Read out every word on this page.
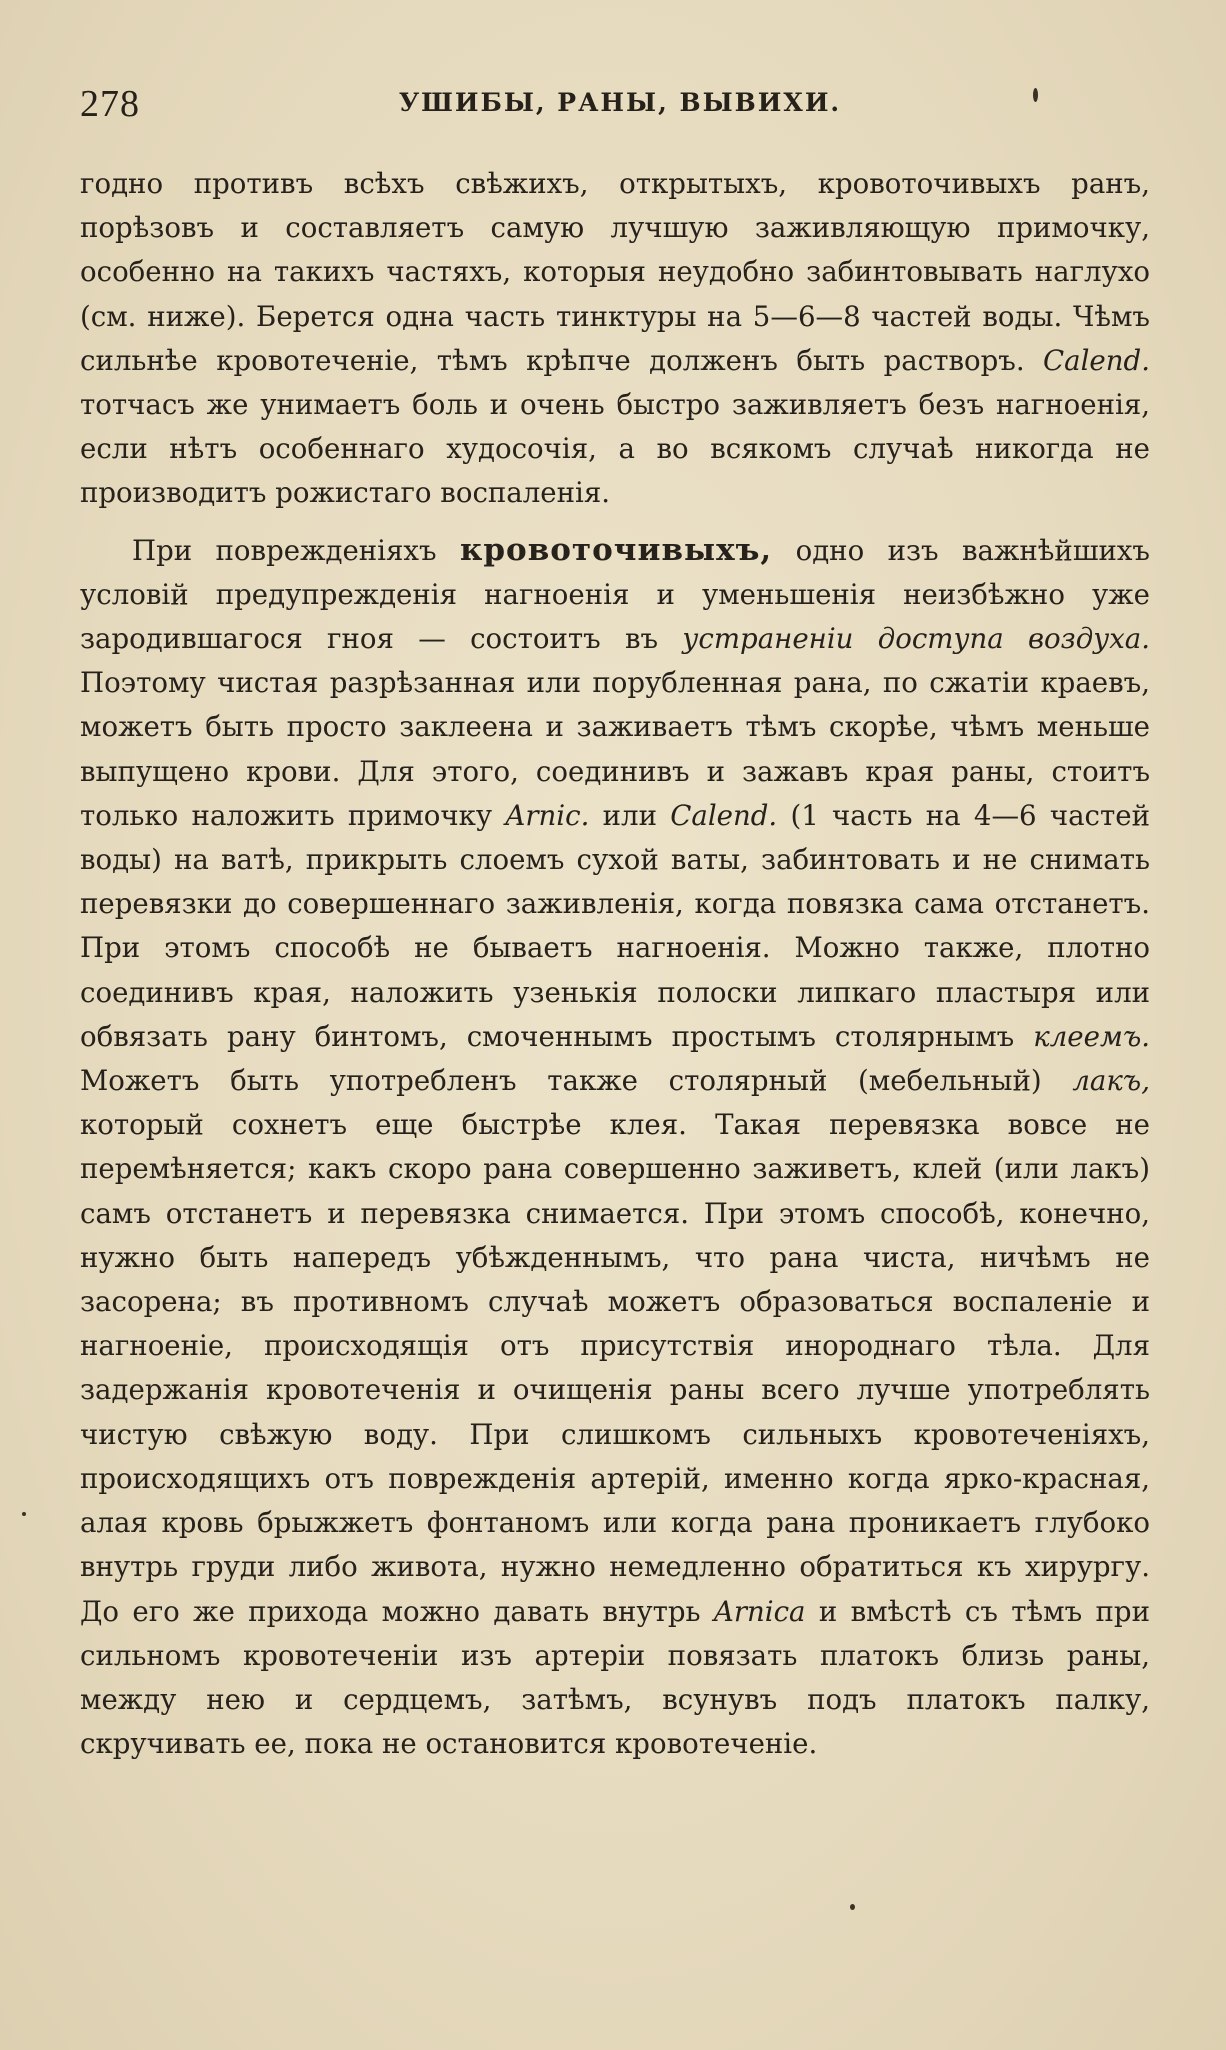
278	УШИБЫ, РАНЫ, ВЫВИХИ.

годно противъ всѣхъ свѣжихъ, открытыхъ, кровоточивыхъ ранъ, порѣзовъ и составляетъ самую лучшую заживляющую примочку, особенно на такихъ частяхъ, которыя неудобно забинтовывать наглухо (см. ниже). Берется одна часть тинктуры на 5—6—8 частей воды. Чѣмъ сильнѣе кровотеченіе, тѣмъ крѣпче долженъ быть растворъ. Calend. тотчасъ же унимаетъ боль и очень быстро заживляетъ безъ нагноенія, если нѣтъ особеннаго худосочія, а во всякомъ случаѣ никогда не производитъ рожистаго воспаленія.

При поврежденіяхъ кровоточивыхъ, одно изъ важнѣйшихъ условій предупрежденія нагноенія и уменьшенія неизбѣжно уже зародившагося гноя — состоитъ въ устраненіи доступа воздуха. Поэтому чистая разрѣзанная или порубленная рана, по сжатіи краевъ, можетъ быть просто заклеена и заживаетъ тѣмъ скорѣе, чѣмъ меньше выпущено крови. Для этого, соединивъ и зажавъ края раны, стоитъ только наложить примочку Arnic. или Calend. (1 часть на 4—6 частей воды) на ватѣ, прикрыть слоемъ сухой ваты, забинтовать и не снимать перевязки до совершеннаго заживленія, когда повязка сама отстанетъ. При этомъ способѣ не бываетъ нагноенія. Можно также, плотно соединивъ края, наложить узенькія полоски липкаго пластыря или обвязать рану бинтомъ, смоченнымъ простымъ столярнымъ клеемъ. Можетъ быть употребленъ также столярный (мебельный) лакъ, который сохнетъ еще быстрѣе клея. Такая перевязка вовсе не перемѣняется; какъ скоро рана совершенно заживетъ, клей (или лакъ) самъ отстанетъ и перевязка снимается. При этомъ способѣ, конечно, нужно быть напередъ убѣжденнымъ, что рана чиста, ничѣмъ не засорена; въ противномъ случаѣ можетъ образоваться воспаленіе и нагноеніе, происходящія отъ присутствія инороднаго тѣла. Для задержанія кровотеченія и очищенія раны всего лучше употреблять чистую свѣжую воду. При слишкомъ сильныхъ кровотеченіяхъ, происходящихъ отъ поврежденія артерій, именно когда ярко-красная, алая кровь брыжжетъ фонтаномъ или когда рана проникаетъ глубоко внутрь груди либо живота, нужно немедленно обратиться къ хирургу. До его же прихода можно давать внутрь Arnica и вмѣстѣ съ тѣмъ при сильномъ кровотеченіи изъ артеріи повязать платокъ близь раны, между нею и сердцемъ, затѣмъ, всунувъ подъ платокъ палку, скручивать ее, пока не остановится кровотеченіе.
